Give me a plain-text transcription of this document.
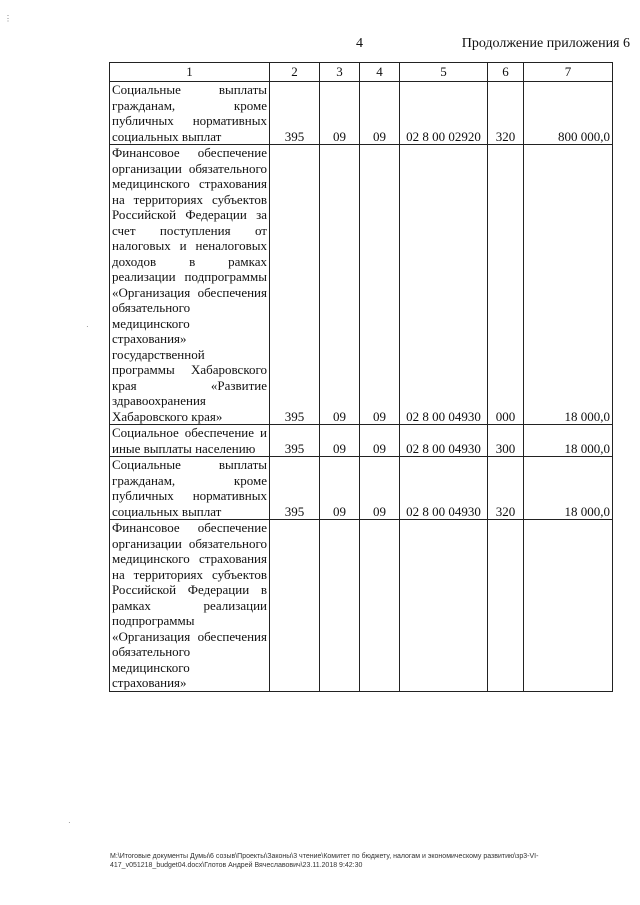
4	Продолжение приложения 6
1	2	3	4	5	6	7
Социальные выплаты гражданам, кроме публичных нормативных социальных выплат	395	09	09	02 8 00 02920	320	800 000,0
Финансовое обеспечение организации обязательного медицинского страхования на территориях субъектов Российской Федерации за счет поступления от налоговых и неналоговых доходов в рамках реализации подпрограммы «Организация обеспечения обязательного медицинского страхования» государственной программы Хабаровского края «Развитие здравоохранения Хабаровского края»	395	09	09	02 8 00 04930	000	18 000,0
Социальное обеспечение и иные выплаты населению	395	09	09	02 8 00 04930	300	18 000,0
Социальные выплаты гражданам, кроме публичных нормативных социальных выплат	395	09	09	02 8 00 04930	320	18 000,0
Финансовое обеспечение организации обязательного медицинского страхования на территориях субъектов Российской Федерации в рамках реализации подпрограммы «Организация обеспечения обязательного медицинского страхования»						
⋮
·
·
М:\Итоговые документы Думы\6 созыв\Проекты\Законы\3 чтение\Комитет по бюджету, налогам и экономическому развитию\зр3-VI-417_v051218_budget04.docx\Глотов Андрей Вячеславович\23.11.2018 9:42:30
